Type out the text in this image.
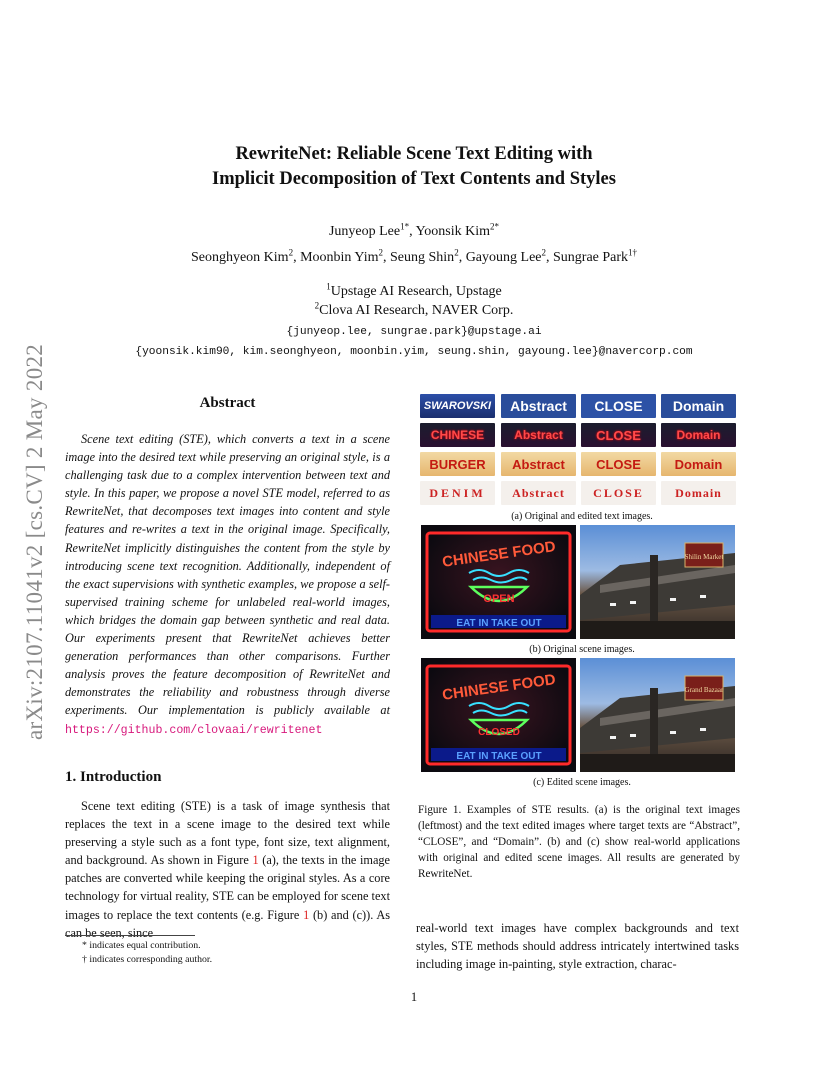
arXiv:2107.11041v2 [cs.CV] 2 May 2022
RewriteNet: Reliable Scene Text Editing with
Implicit Decomposition of Text Contents and Styles
Junyeop Lee$^{1*}$, Yoonsik Kim$^{2*}$
Seonghyeon Kim$^2$, Moonbin Yim$^2$, Seung Shin$^2$, Gayoung Lee$^2$, Sungrae Park$^{1\dagger}$
$^1$Upstage AI Research, Upstage
$^2$Clova AI Research, NAVER Corp.
{junyeop.lee, sungrae.park}@upstage.ai
{yoonsik.kim90, kim.seonghyeon, moonbin.yim, seung.shin, gayoung.lee}@navercorp.com
Abstract
Scene text editing (STE), which converts a text in a scene image into the desired text while preserving an original style, is a challenging task due to a complex intervention between text and style. In this paper, we propose a novel STE model, referred to as RewriteNet, that decomposes text images into content and style features and re-writes a text in the original image. Specifically, RewriteNet implicitly distinguishes the content from the style by introducing scene text recognition. Additionally, independent of the exact supervisions with synthetic examples, we propose a self-supervised training scheme for unlabeled real-world images, which bridges the domain gap between synthetic and real data. Our experiments present that RewriteNet achieves better generation performances than other comparisons. Further analysis proves the feature decomposition of RewriteNet and demonstrates the reliability and robustness through diverse experiments. Our implementation is publicly available at https://github.com/clovaai/rewritenet
1. Introduction
Scene text editing (STE) is a task of image synthesis that replaces the text in a scene image to the desired text while preserving a style such as a font type, font size, text alignment, and background. As shown in Figure 1 (a), the texts in the image patches are converted while keeping the original styles. As a core technology for virtual reality, STE can be employed for scene text images to replace the text contents (e.g. Figure 1 (b) and (c)). As can be seen, since
* indicates equal contribution.
† indicates corresponding author.
SWAROVSKI	Abstract	CLOSE	Domain
CHINESE	Abstract	CLOSE	Domain
BURGER	Abstract	CLOSE	Domain
DENIM	Abstract	CLOSE	Domain
(a) Original and edited text images.
CHINESE FOOD
OPEN
EAT IN TAKE OUT
Shilin Market
(b) Original scene images.
CHINESE FOOD
CLOSED
EAT IN TAKE OUT
Grand Bazaar
(c) Edited scene images.
Figure 1. Examples of STE results. (a) is the original text images (leftmost) and the text edited images where target texts are “Abstract”, “CLOSE”, and “Domain”. (b) and (c) show real-world applications with original and edited scene images. All results are generated by RewriteNet.
real-world text images have complex backgrounds and text styles, STE methods should address intricately intertwined tasks including image in-painting, style extraction, charac-
1
